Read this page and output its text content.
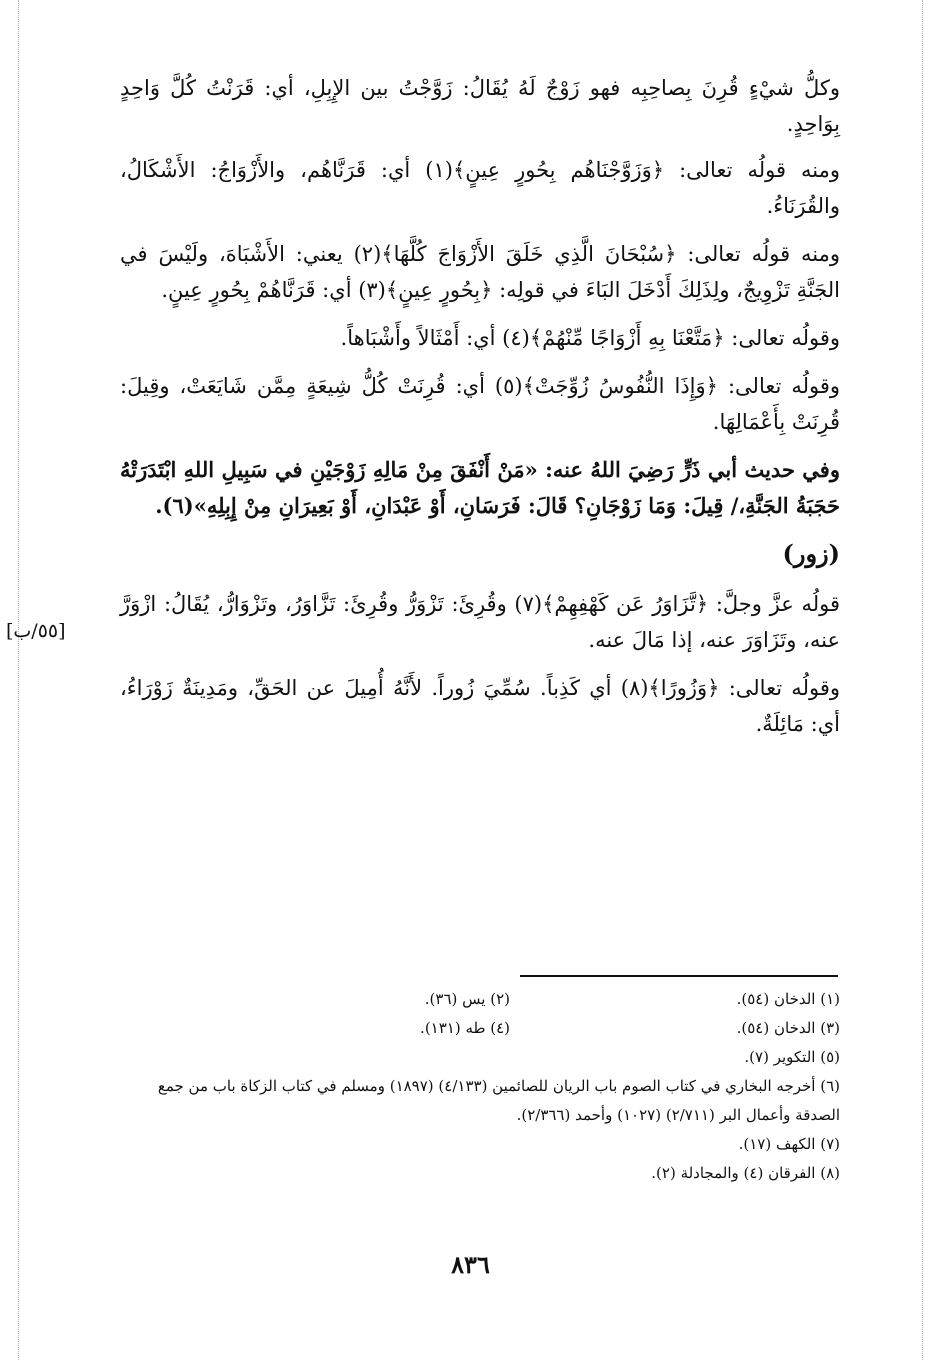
[٥٥/ب]

وكلُّ شيْءٍ قُرِنَ بِصاحِبِه فهو زَوْجٌ لَهُ يُقَالُ: زَوَّجْتُ بين الإِبِلِ، أي: قَرَنْتُ كُلَّ وَاحِدٍ بِوَاحِدٍ.

ومنه قولُه تعالى: ﴿وَزَوَّجْنَاهُم بِحُورٍ عِينٍ﴾(١) أي: قَرَنَّاهُم، والأَزْوَاجُ: الأَشْكَالُ، والقُرَنَاءُ.

ومنه قولُه تعالى: ﴿سُبْحَانَ الَّذِي خَلَقَ الأَزْوَاجَ كُلَّهَا﴾(٢) يعني: الأَشْبَاهَ، ولَيْسَ في الجَنَّةِ تَزْوِيجٌ، ولِذَلِكَ أَدْخَلَ البَاءَ في قولِه: ﴿بِحُورٍ عِينٍ﴾(٣) أي: قَرَنَّاهُمْ بِحُورٍ عِينٍ.

وقولُه تعالى: ﴿مَتَّعْنَا بِهِ أَزْوَاجًا مِّنْهُمْ﴾(٤) أي: أَمْثَالاً وأَشْبَاهاً.

وقولُه تعالى: ﴿وَإِذَا النُّفُوسُ زُوِّجَتْ﴾(٥) أي: قُرِنَتْ كُلُّ شِيعَةٍ مِمَّن شَايَعَتْ، وقِيلَ: قُرِنَتْ بِأَعْمَالِهَا.

وفي حديث أبي ذَرٍّ رَضِيَ اللهُ عنه: «مَنْ أَنْفَقَ مِنْ مَالِهِ زَوْجَيْنِ في سَبِيلِ اللهِ ابْتَدَرَتْهُ حَجَبَةُ الجَنَّةِ،/ قِيلَ: وَمَا زَوْجَانِ؟ قَالَ: فَرَسَانِ، أَوْ عَبْدَانِ، أَوْ بَعِيرَانِ مِنْ إِبِلِهِ»(٦).

(زور)

قولُه عزَّ وجلَّ: ﴿تَّزَاوَرُ عَن كَهْفِهِمْ﴾(٧) وقُرِئَ: تَزْوَرُّ وقُرِئَ: تَزَّاوَرُ، وتَزْوَارُّ، يُقَالُ: ازْوَرَّ عنه، وتَزَاوَرَ عنه، إذا مَالَ عنه.

وقولُه تعالى: ﴿وَزُورًا﴾(٨) أي كَذِباً. سُمِّيَ زُوراً. لأَنَّهُ أُمِيلَ عن الحَقِّ، ومَدِينَةٌ زَوْرَاءُ، أي: مَائِلَةٌ.

(١) الدخان (٥٤).
(٢) يس (٣٦).
(٣) الدخان (٥٤).
(٤) طه (١٣١).
(٥) التكوير (٧).
(٦) أخرجه البخاري في كتاب الصوم باب الريان للصائمين (٤/١٣٣) (١٨٩٧) ومسلم في كتاب الزكاة باب من جمع الصدقة وأعمال البر (٢/٧١١) (١٠٢٧) وأحمد (٢/٣٦٦).
(٧) الكهف (١٧).
(٨) الفرقان (٤) والمجادلة (٢).
٨٣٦
